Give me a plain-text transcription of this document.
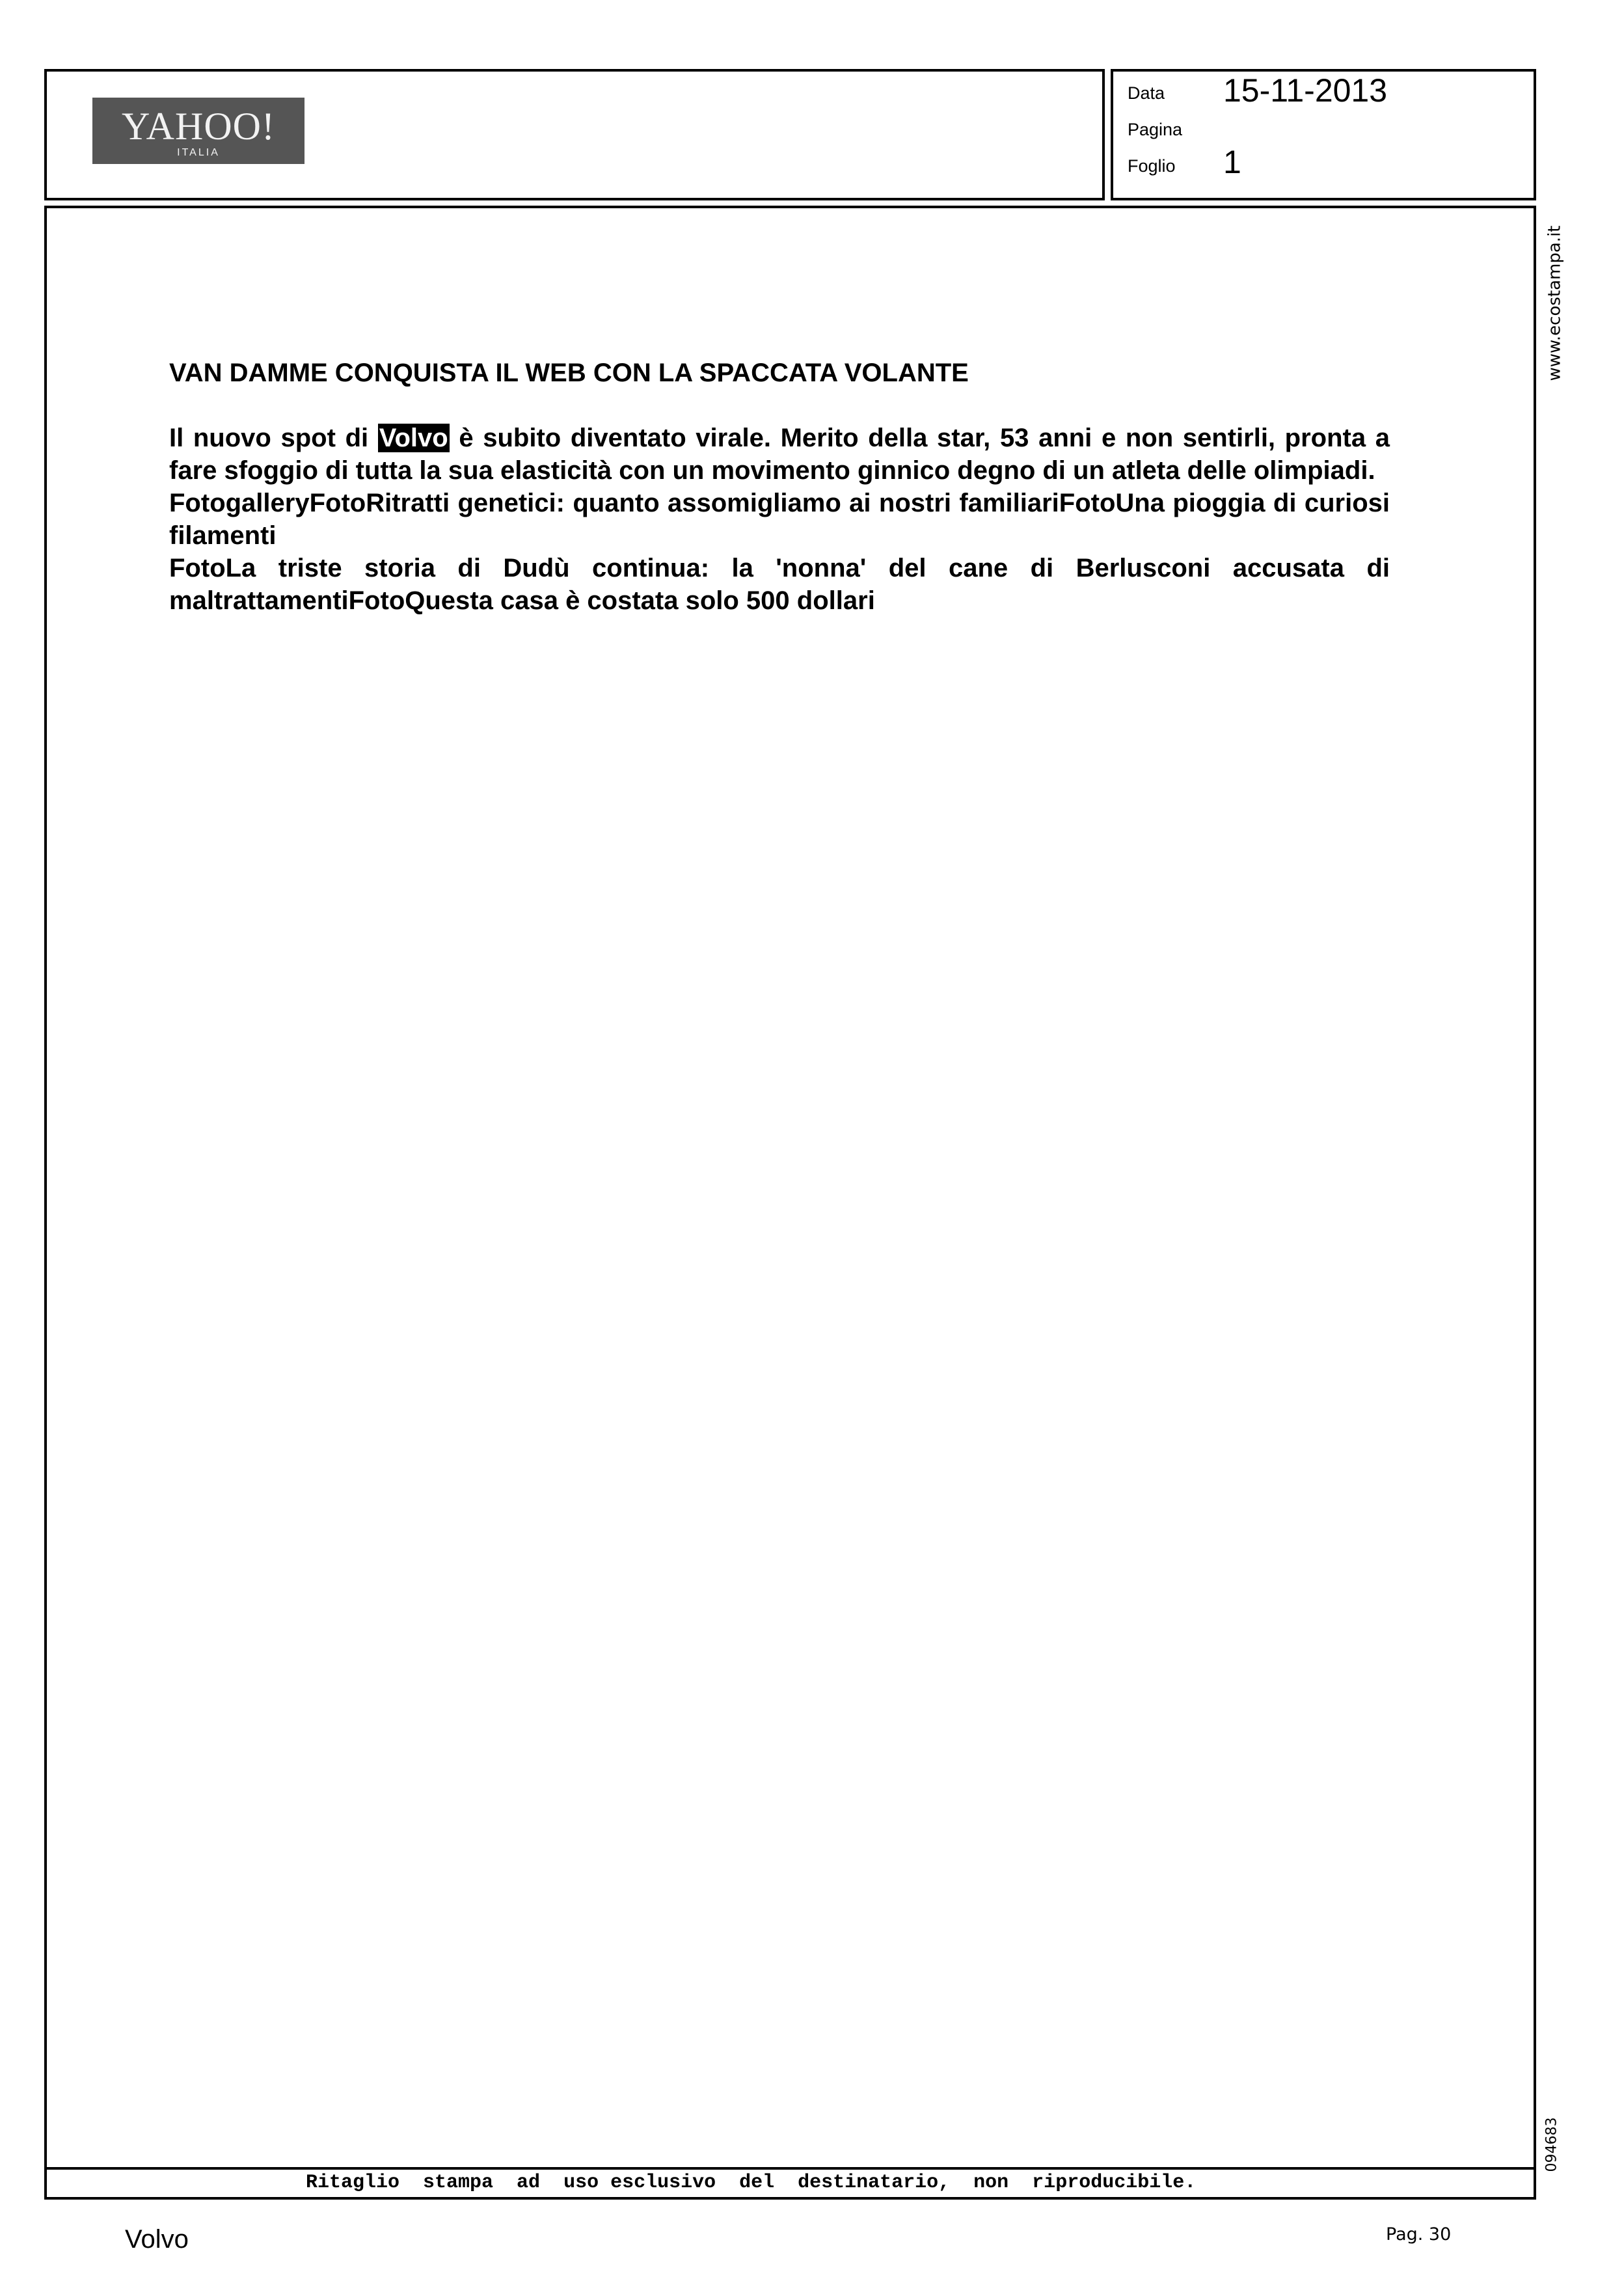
YAHOO!
ITALIA
Data 15-11-2013
Pagina
Foglio 1
www.ecostampa.it
094683
VAN DAMME CONQUISTA IL WEB CON LA SPACCATA VOLANTE

Il nuovo spot di Volvo è subito diventato virale. Merito della star, 53 anni e non sentirli, pronta a fare sfoggio di tutta la sua elasticità con un movimento ginnico degno di un atleta delle olimpiadi.

FotogalleryFotoRitratti genetici: quanto assomigliamo ai nostri familiariFotoUna pioggia di curiosi filamenti

FotoLa triste storia di Dudù continua: la 'nonna' del cane di Berlusconi accusata di maltrattamentiFotoQuesta casa è costata solo 500 dollari

Ritaglio  stampa  ad  uso esclusivo  del  destinatario,  non  riproducibile.
Volvo	Pag. 30
